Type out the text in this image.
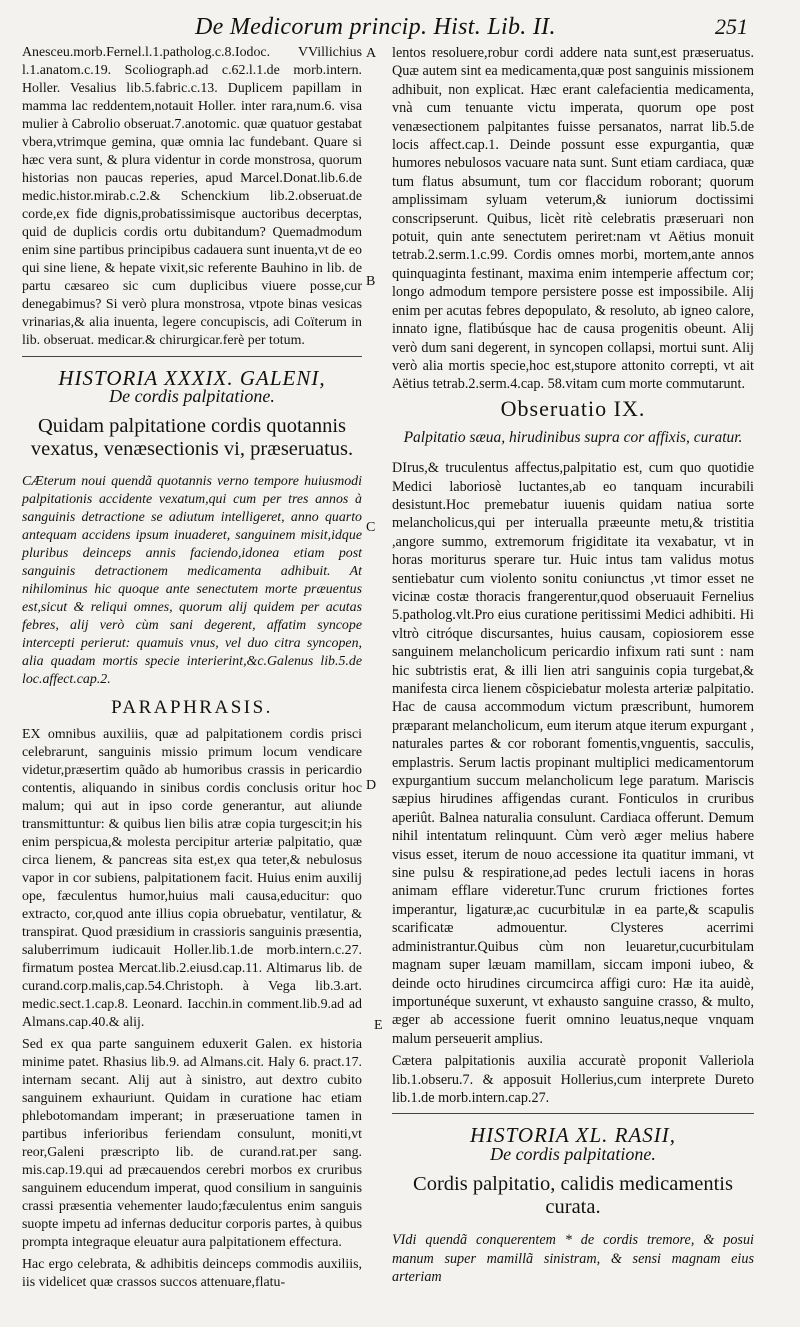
De Medicorum princip. Hist. Lib. II.	251
A
B
C
D
E

Anesceu.morb.Fernel.l.1.patholog.c.8.Iodoc. VVillichius l.1.anatom.c.19. Scoliograph.ad c.62.l.1.de morb.intern. Holler. Vesalius lib.5.fabric.c.13. Duplicem papillam in mamma lac reddentem,notauit Holler. inter rara,num.6. visa mulier à Cabrolio obseruat.7.anotomic. quæ quatuor gestabat vbera,vtrimque gemina, quæ omnia lac fundebant. Quare si hæc vera sunt, & plura videntur in corde monstrosa, quorum historias non paucas reperies, apud Marcel.Donat.lib.6.de medic.histor.mirab.c.2.& Schenckium lib.2.obseruat.de corde,ex fide dignis,probatissimisque auctoribus decerptas, quid de duplicis cordis ortu dubitandum? Quemadmodum enim sine partibus principibus cadauera sunt inuenta,vt de eo qui sine liene, & hepate vixit,sic referente Bauhino in lib. de partu cæsareo sic cum duplicibus viuere posse,cur denegabimus? Si verò plura monstrosa, vtpote binas vesicas vrinarias,& alia inuenta, legere concupiscis, adi Coïterum in lib. obseruat. medicar.& chirurgicar.ferè per totum.

HISTORIA XXXIX. GALENI,
De cordis palpitatione.
Quidam palpitatione cordis quotannis vexatus, venæsectionis vi, præseruatus.

CÆterum noui quendã quotannis verno tempore huiusmodi palpitationis accidente vexatum,qui cum per tres annos à sanguinis detractione se adiutum intelligeret, anno quarto antequam accidens ipsum inuaderet, sanguinem misit,idque pluribus deinceps annis faciendo,idonea etiam post sanguinis detractionem medicamenta adhibuit. At nihilominus hic quoque ante senectutem morte præuentus est,sicut & reliqui omnes, quorum alij quidem per acutas febres, alij verò cùm sani degerent, affatim syncope intercepti perierut: quamuis vnus, vel duo citra syncopen, alia quadam mortis specie interierint,&c.Galenus lib.5.de loc.affect.cap.2.

PARAPHRASIS.

EX omnibus auxiliis, quæ ad palpitationem cordis prisci celebrarunt, sanguinis missio primum locum vendicare videtur,præsertim quãdo ab humoribus crassis in pericardio contentis, aliquando in sinibus cordis conclusis oritur hoc malum; qui aut in ipso corde generantur, aut aliunde transmittuntur: & quibus lien bilis atræ copia turgescit;in his enim perspicua,& molesta percipitur arteriæ palpitatio, quæ circa lienem, & pancreas sita est,ex qua teter,& nebulosus vapor in cor subiens, palpitationem facit. Huius enim auxilij ope, fæculentus humor,huius mali causa,educitur: quo extracto, cor,quod ante illius copia obruebatur, ventilatur, & transpirat. Quod præsidium in crassioris sanguinis præsentia, saluberrimum iudicauit Holler.lib.1.de morb.intern.c.27. firmatum postea Mercat.lib.2.eiusd.cap.11. Altimarus lib. de curand.corp.malis,cap.54.Christoph. à Vega lib.3.art. medic.sect.1.cap.8. Leonard. Iacchin.in comment.lib.9.ad ad Almans.cap.40.& alij.

Sed ex qua parte sanguinem eduxerit Galen. ex historia minime patet. Rhasius lib.9. ad Almans.cit. Haly 6. pract.17. internam secant. Alij aut à sinistro, aut dextro cubito sanguinem exhauriunt. Quidam in curatione hac etiam phlebotomandam imperant; in præseruatione tamen in partibus inferioribus feriendam consulunt, moniti,vt reor,Galeni præscripto lib. de curand.rat.per sang. mis.cap.19.qui ad præcauendos cerebri morbos ex cruribus sanguinem educendum imperat, quod consilium in sanguinis crassi præsentia vehementer laudo;fæculentus enim sanguis suopte impetu ad infernas deducitur corporis partes, à quibus prompta integraque eleuatur aura palpitationem effectura.

Hac ergo celebrata, & adhibitis deinceps commodis auxiliis, iis videlicet quæ crassos succos attenuare,flatu-

lentos resoluere,robur cordi addere nata sunt,est præseruatus. Quæ autem sint ea medicamenta,quæ post sanguinis missionem adhibuit, non explicat. Hæc erant calefacientia medicamenta, vnà cum tenuante victu imperata, quorum ope post venæsectionem palpitantes fuisse persanatos, narrat lib.5.de locis affect.cap.1. Deinde possunt esse expurgantia, quæ humores nebulosos vacuare nata sunt. Sunt etiam cardiaca, quæ tum flatus absumunt, tum cor flaccidum roborant; quorum amplissimam syluam veterum,& iuniorum doctissimi conscripserunt. Quibus, licèt ritè celebratis præseruari non potuit, quin ante senectutem periret:nam vt Aëtius monuit tetrab.2.serm.1.c.99. Cordis omnes morbi, mortem,ante annos quinquaginta festinant, maxima enim intemperie affectum cor; longo admodum tempore persistere posse est impossibile. Alij enim per acutas febres depopulato, & resoluto, ab igneo calore, innato igne, flatibúsque hac de causa progenitis obeunt. Alij verò dum sani degerent, in syncopen collapsi, mortui sunt. Alij verò alia mortis specie,hoc est,stupore attonito correpti, vt ait Aëtius tetrab.2.serm.4.cap. 58.vitam cum morte commutarunt.

Obseruatio IX.
Palpitatio sæua, hirudinibus supra cor affixis, curatur.

DIrus,& truculentus affectus,palpitatio est, cum quo quotidie Medici laboriosè luctantes,ab eo tanquam incurabili desistunt.Hoc premebatur iuuenis quidam natiua sorte melancholicus,qui per interualla præeunte metu,& tristitia ,angore summo, extremorum frigiditate ita vexabatur, vt in horas moriturus sperare tur. Huic intus tam validus motus sentiebatur cum violento sonitu coniunctus ,vt timor esset ne vicinæ costæ thoracis frangerentur,quod obseruauit Fernelius 5.patholog.vlt.Pro eius curatione peritissimi Medici adhibiti. Hi vltrò citróque discursantes, huius causam, copiosiorem esse sanguinem melancholicum pericardio infixum rati sunt : nam hic subtristis erat, & illi lien atri sanguinis copia turgebat,& manifesta circa lienem cõspiciebatur molesta arteriæ palpitatio. Hac de causa accommodum victum præscribunt, humorem præparant melancholicum, eum iterum atque iterum expurgant , naturales partes & cor roborant fomentis,vnguentis, sacculis, emplastris. Serum lactis propinant multiplici medicamentorum expurgantium succum melancholicum lege paratum. Mariscis sæpius hirudines affigendas curant. Fonticulos in cruribus aperiût. Balnea naturalia consulunt. Cardiaca offerunt. Demum nihil intentatum relinquunt. Cùm verò æger melius habere visus esset, iterum de nouo accessione ita quatitur immani, vt sine pulsu & respiratione,ad pedes lectuli iacens in horas animam efflare videretur.Tunc crurum frictiones fortes imperantur, ligaturæ,ac cucurbitulæ in ea parte,& scapulis scarificatæ admouentur. Clysteres acerrimi administrantur.Quibus cùm non leuaretur,cucurbitulam magnam super læuam mamillam, siccam imponi iubeo, & deinde octo hirudines circumcirca affigi curo: Hæ ita auidè, importunéque suxerunt, vt exhausto sanguine crasso, & multo, æger ab accessione fuerit omnino leuatus,neque vnquam malum perseuerit amplius.

Cætera palpitationis auxilia accuratè proponit Valleriola lib.1.obseru.7. & apposuit Hollerius,cum interprete Dureto lib.1.de morb.intern.cap.27.

HISTORIA XL. RASII,
De cordis palpitatione.
Cordis palpitatio, calidis medicamentis curata.

VIdi quendã conquerentem * de cordis tremore, & posui manum super mamillã sinistram, & sensi magnam eius arteriam
